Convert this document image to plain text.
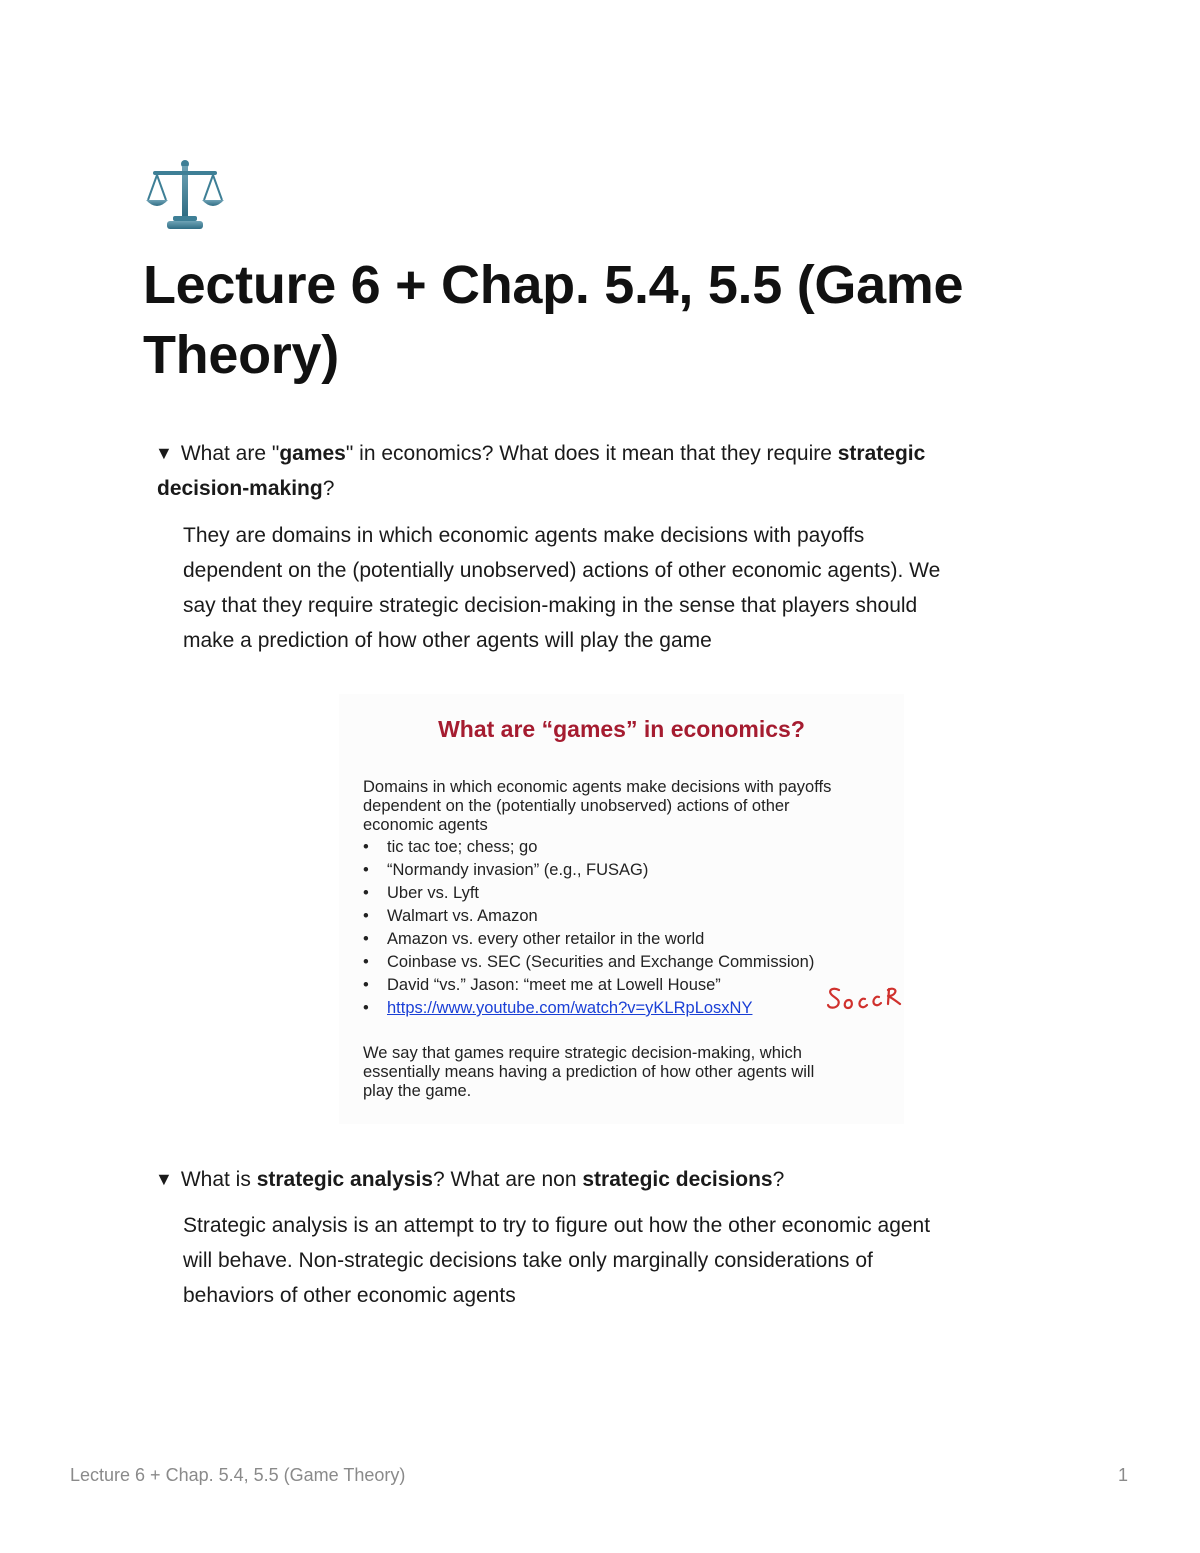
Lecture 6 + Chap. 5.4, 5.5 (Game Theory)
▼ What are "games" in economics? What does it mean that they require strategic
decision-making?
They are domains in which economic agents make decisions with payoffs
dependent on the (potentially unobserved) actions of other economic agents). We
say that they require strategic decision-making in the sense that players should
make a prediction of how other agents will play the game
What are “games” in economics?
Domains in which economic agents make decisions with payoffs
dependent on the (potentially unobserved) actions of other
economic agents
• tic tac toe; chess; go
• “Normandy invasion” (e.g., FUSAG)
• Uber vs. Lyft
• Walmart vs. Amazon
• Amazon vs. every other retailor in the world
• Coinbase vs. SEC (Securities and Exchange Commission)
• David “vs.” Jason: “meet me at Lowell House”
• https://www.youtube.com/watch?v=yKLRpLosxNY
We say that games require strategic decision-making, which
essentially means having a prediction of how other agents will
play the game.
▼ What is strategic analysis? What are non strategic decisions?
Strategic analysis is an attempt to try to figure out how the other economic agent
will behave. Non-strategic decisions take only marginally considerations of
behaviors of other economic agents
Lecture 6 + Chap. 5.4, 5.5 (Game Theory)	1
